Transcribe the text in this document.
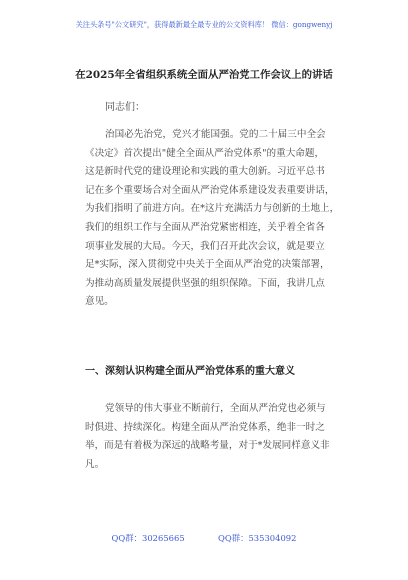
关注头条号"公文研究"，获得最新最全最专业的公文资料库！ 微信：gongwenyj
在2025年全省组织系统全面从严治党工作会议上的讲话
同志们：
治国必先治党，党兴才能国强。党的二十届三中全会
《决定》首次提出"健全全面从严治党体系"的重大命题，
这是新时代党的建设理论和实践的重大创新。习近平总书
记在多个重要场合对全面从严治党体系建设发表重要讲话，
为我们指明了前进方向。在*这片充满活力与创新的土地上，
我们的组织工作与全面从严治党紧密相连，关乎着全省各
项事业发展的大局。今天，我们召开此次会议，就是要立
足*实际，深入贯彻党中央关于全面从严治党的决策部署，
为推动高质量发展提供坚强的组织保障。下面，我讲几点
意见。
一、深刻认识构建全面从严治党体系的重大意义
党领导的伟大事业不断前行，全面从严治党也必须与
时俱进、持续深化。构建全面从严治党体系，绝非一时之
举，而是有着极为深远的战略考量，对于*发展同样意义非
凡。
QQ群：30265665	QQ群：535304092
